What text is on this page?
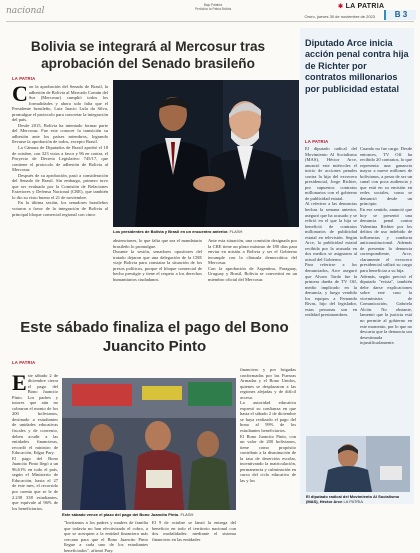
nacional
Bajo Palabra
Periódico la Patria Bolivia	✱ LA PATRIA
Oruro, jueves 30 de noviembre de 2023	B 3
Bolivia se integrará al Mercosur tras aprobación del Senado brasileño
LA PATRIA
Con la aprobación del Senado de Brasil, la adhesión de Bolivia al Mercado Común del Sur (Mercosur) cumplió todos los formalidades y ahora solo falta que el Presidente brasileño, Luiz Inacio Lula da Silva, promulgue el protocolo para concretar la integración del país.
Desde 2015, Bolivia ha intentado formar parte del Mercosur. Fue este conocer la transición su adhesión ante los países miembros, logrando llevarse la aprobación de todos, excepto Brasil.
La Cámara de Diputados de Brasil aprobó el 18 de octubre, con 323 votos a favor y 96 en contra, el Proyecto de Decreto Legislativo 745/17, que contiene el protocolo de adhesión de Bolivia al Mercosur.
Después de su aprobación, pasó a consideración del Senado de Brasil. Sin embargo, primero tuvo que ser evaluado por la Comisión de Relaciones Exteriores y Defensa Nacional (CRE), que también lo dio su visto bueno el 21 de noviembre.
En la última sesión, los senadores brasileños votaron a favor de la integración de Bolivia al principal bloque comercial regional con cinco
Los presidentes de Bolivia y Brasil en un encuentro anterior. FLASH
abstenciones, lo que falta que sea el mandatario brasileño lo promulgue.
Durante la sesión, senadores opositores del tratado dejaron que una delegación de la CRE viaje Bolivia para constatar la situación de los presos políticos, porque el bloque comercial de hecho prestigie y tiene el respeto a los derechos humanitarios ciudadanos.
Ante esta situación, una comisión designada por la CRE tiene un plazo máximo de 180 días para enviar en misión a Bolivia y ser el Gobierno incumple con la cláusula democrática del Mercosur.
Con la aprobación de Argentina, Paraguay, Uruguay y Brasil, Bolivia se convertirá en un miembro oficial del Mercosur.
Diputado Arce inicia acción penal contra hija de Richter por contratos millonarios por publicidad estatal
LA PATRIA
El diputado radical del Movimiento Al Socialismo (MAS), Héctor Arce, anunció este miércoles el inicio de acciones penales contra la hija del exvocero presidencial, Jorge Richter, por supuestos contratos millonarios con el gobierno de publicidad estatal.
Al referirse a las denuncias hechas la semana anterior, aseguró que ha acusado y se refirió en el que la hija se benefició de contratos millonarios de publicidad estatal en televisión. Según Arce, la publicidad estatal recibida por la acusada en dos medios se asignaron al actual del Gobierno.
Para referirse a los denunciados, Arce aseguró que Alvaro Tardo fue la primera dueña de TV Off, medio implicado en la denuncia, y luego vendido los equipos a Fernando Rivas, hijo del legislador, estas personas son en realidad prestanombres.
Cuando no fue cargo. Desde entonces, TV Off ha recibido 20 contratos, lo que representa una ganancia mayor a nueve millones de bolivianos, a pesar de ser un canal con poca audiencia y que está en su emisión en redes sociales, como se denunció desde un principio.
En ese sentido, anunció que hoy se presentó una denuncia penal contra Valentina Richter por los delitos de uso indebido de influencias y conducta anticonstitucional. Además de presentar la denuncia correspondiente, Arce, claramente el exvocero presidencial utilizó su cargo para beneficiar a su hija.
Además, según precisó el diputado "evista", también debe darse explicaciones sobre este caso la viceministra de Comunicación, Gabriela Alcón. No obstante, lamentó que la justicia está no permite al gobierno en este momento, por lo que no descarta que la denuncia sea desestimada injustificadamente.
El diputado radical del Movimiento Al Socialismo (MAS), Héctor Arce LA PATRIA
Este sábado finaliza el pago del Bono Juancito Pinto
LA PATRIA

Este sábado 2 de diciembre cierra el pago del Bono Juancito Pinto. Los padres y tutores que aún no cobraron el monto de los 200 bolivianos, destinado a estudiantes de unidades educativas fiscales y de convenio, deben acudir a las entidades financieras, recordó el ministro de Educación, Edgar Pary.
El pago del Bono Juancito Pinto llegó a un 96,61% en todo el país, según el Ministerio de Educación, hasta el 27 de este mes, el recorrido por cuenta que se le de 2.238 338 estudiantes, que equivale al 96% de los beneficiarios.

Este sábado vence el plazo del pago del Bono Juancito Pinto. FLASH
financiero y por brigadas conformadas por las Fuerzas Armadas y el Bono Unidos, quienes se desplazaron a las regiones alejadas y de difícil acceso.
La autoridad educativa expresó su confianza en que hasta el sábado 2 de diciembre se haya realizado el pago del bono al 99% de los estudiantes beneficiarios.
El Bono Juancito Pinto, con un valor de 200 bolivianos, tiene como propósito contribuir a la disminución de la tasa de deserción escolar, incentivando la matriculación, permanencia y culminación en curso del ciclo educativo de las y los
"Invitamos a los padres y madres de familia que todavía no han efectivizado el cobro, a que se acerquen a la entidad financiera más cercana para que el Bono Juancito Pinto llegue a cada uno de los estudiantes beneficiados", afirmó Pary.
El 9 de octubre se lanzó la entrega del beneficio en todo el territorio nacional con dos modalidades: mediante el sistema financiero en las entidades
